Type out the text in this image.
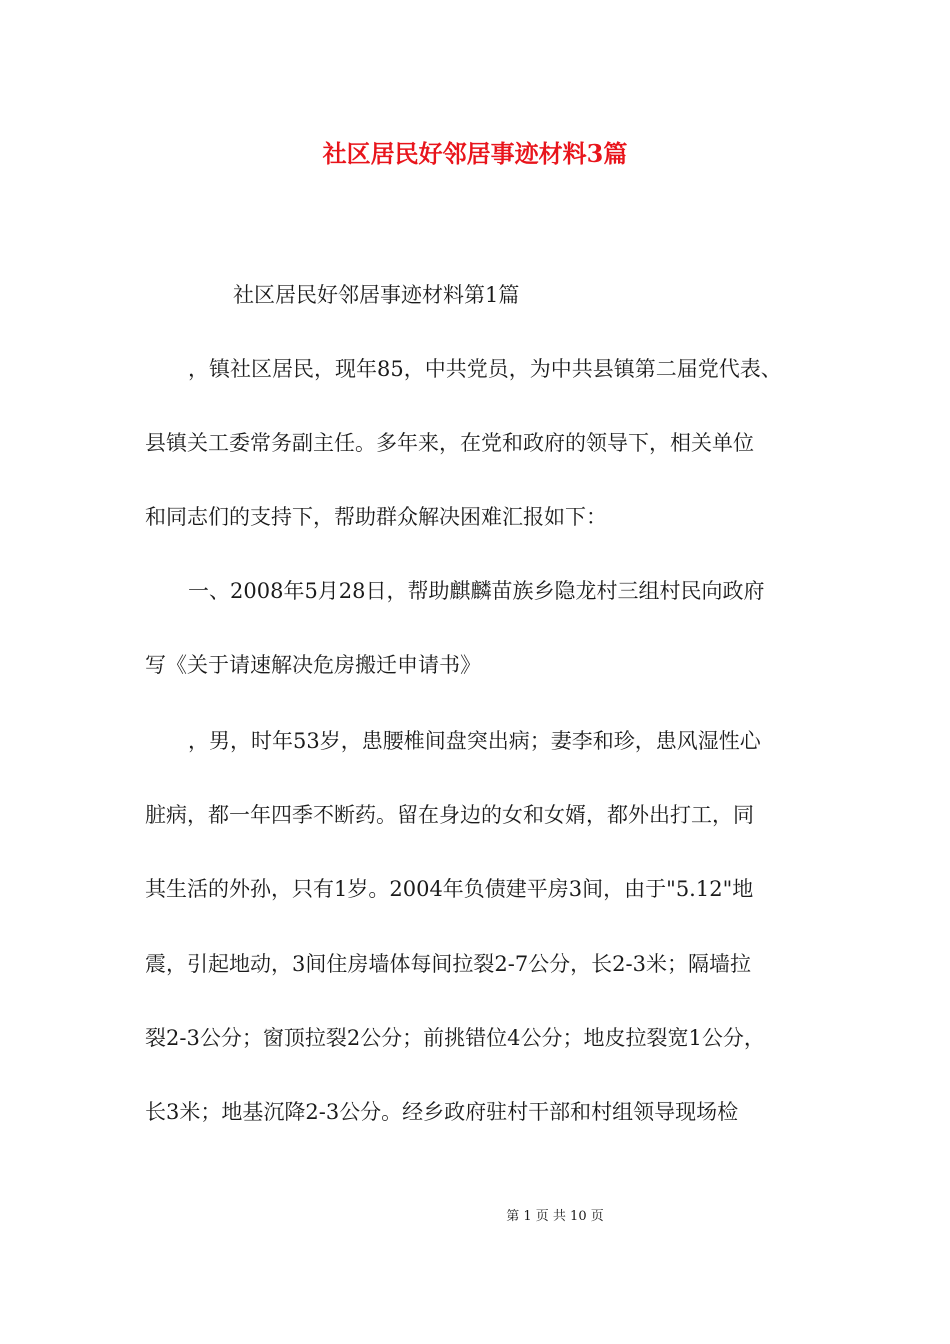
社区居民好邻居事迹材料3篇
社区居民好邻居事迹材料第1篇
，镇社区居民，现年85，中共党员，为中共县镇第二届党代表、
县镇关工委常务副主任。多年来，在党和政府的领导下，相关单位
和同志们的支持下，帮助群众解决困难汇报如下：
一、2008年5月28日，帮助麒麟苗族乡隐龙村三组村民向政府
写《关于请速解决危房搬迁申请书》
，男，时年53岁，患腰椎间盘突出病；妻李和珍，患风湿性心
脏病，都一年四季不断药。留在身边的女和女婿，都外出打工，同
其生活的外孙，只有1岁。2004年负债建平房3间，由于"5.12"地
震，引起地动，3间住房墙体每间拉裂2-7公分，长2-3米；隔墙拉
裂2-3公分；窗顶拉裂2公分；前挑错位4公分；地皮拉裂宽1公分，
长3米；地基沉降2-3公分。经乡政府驻村干部和村组领导现场检
第 1 页 共 10 页
